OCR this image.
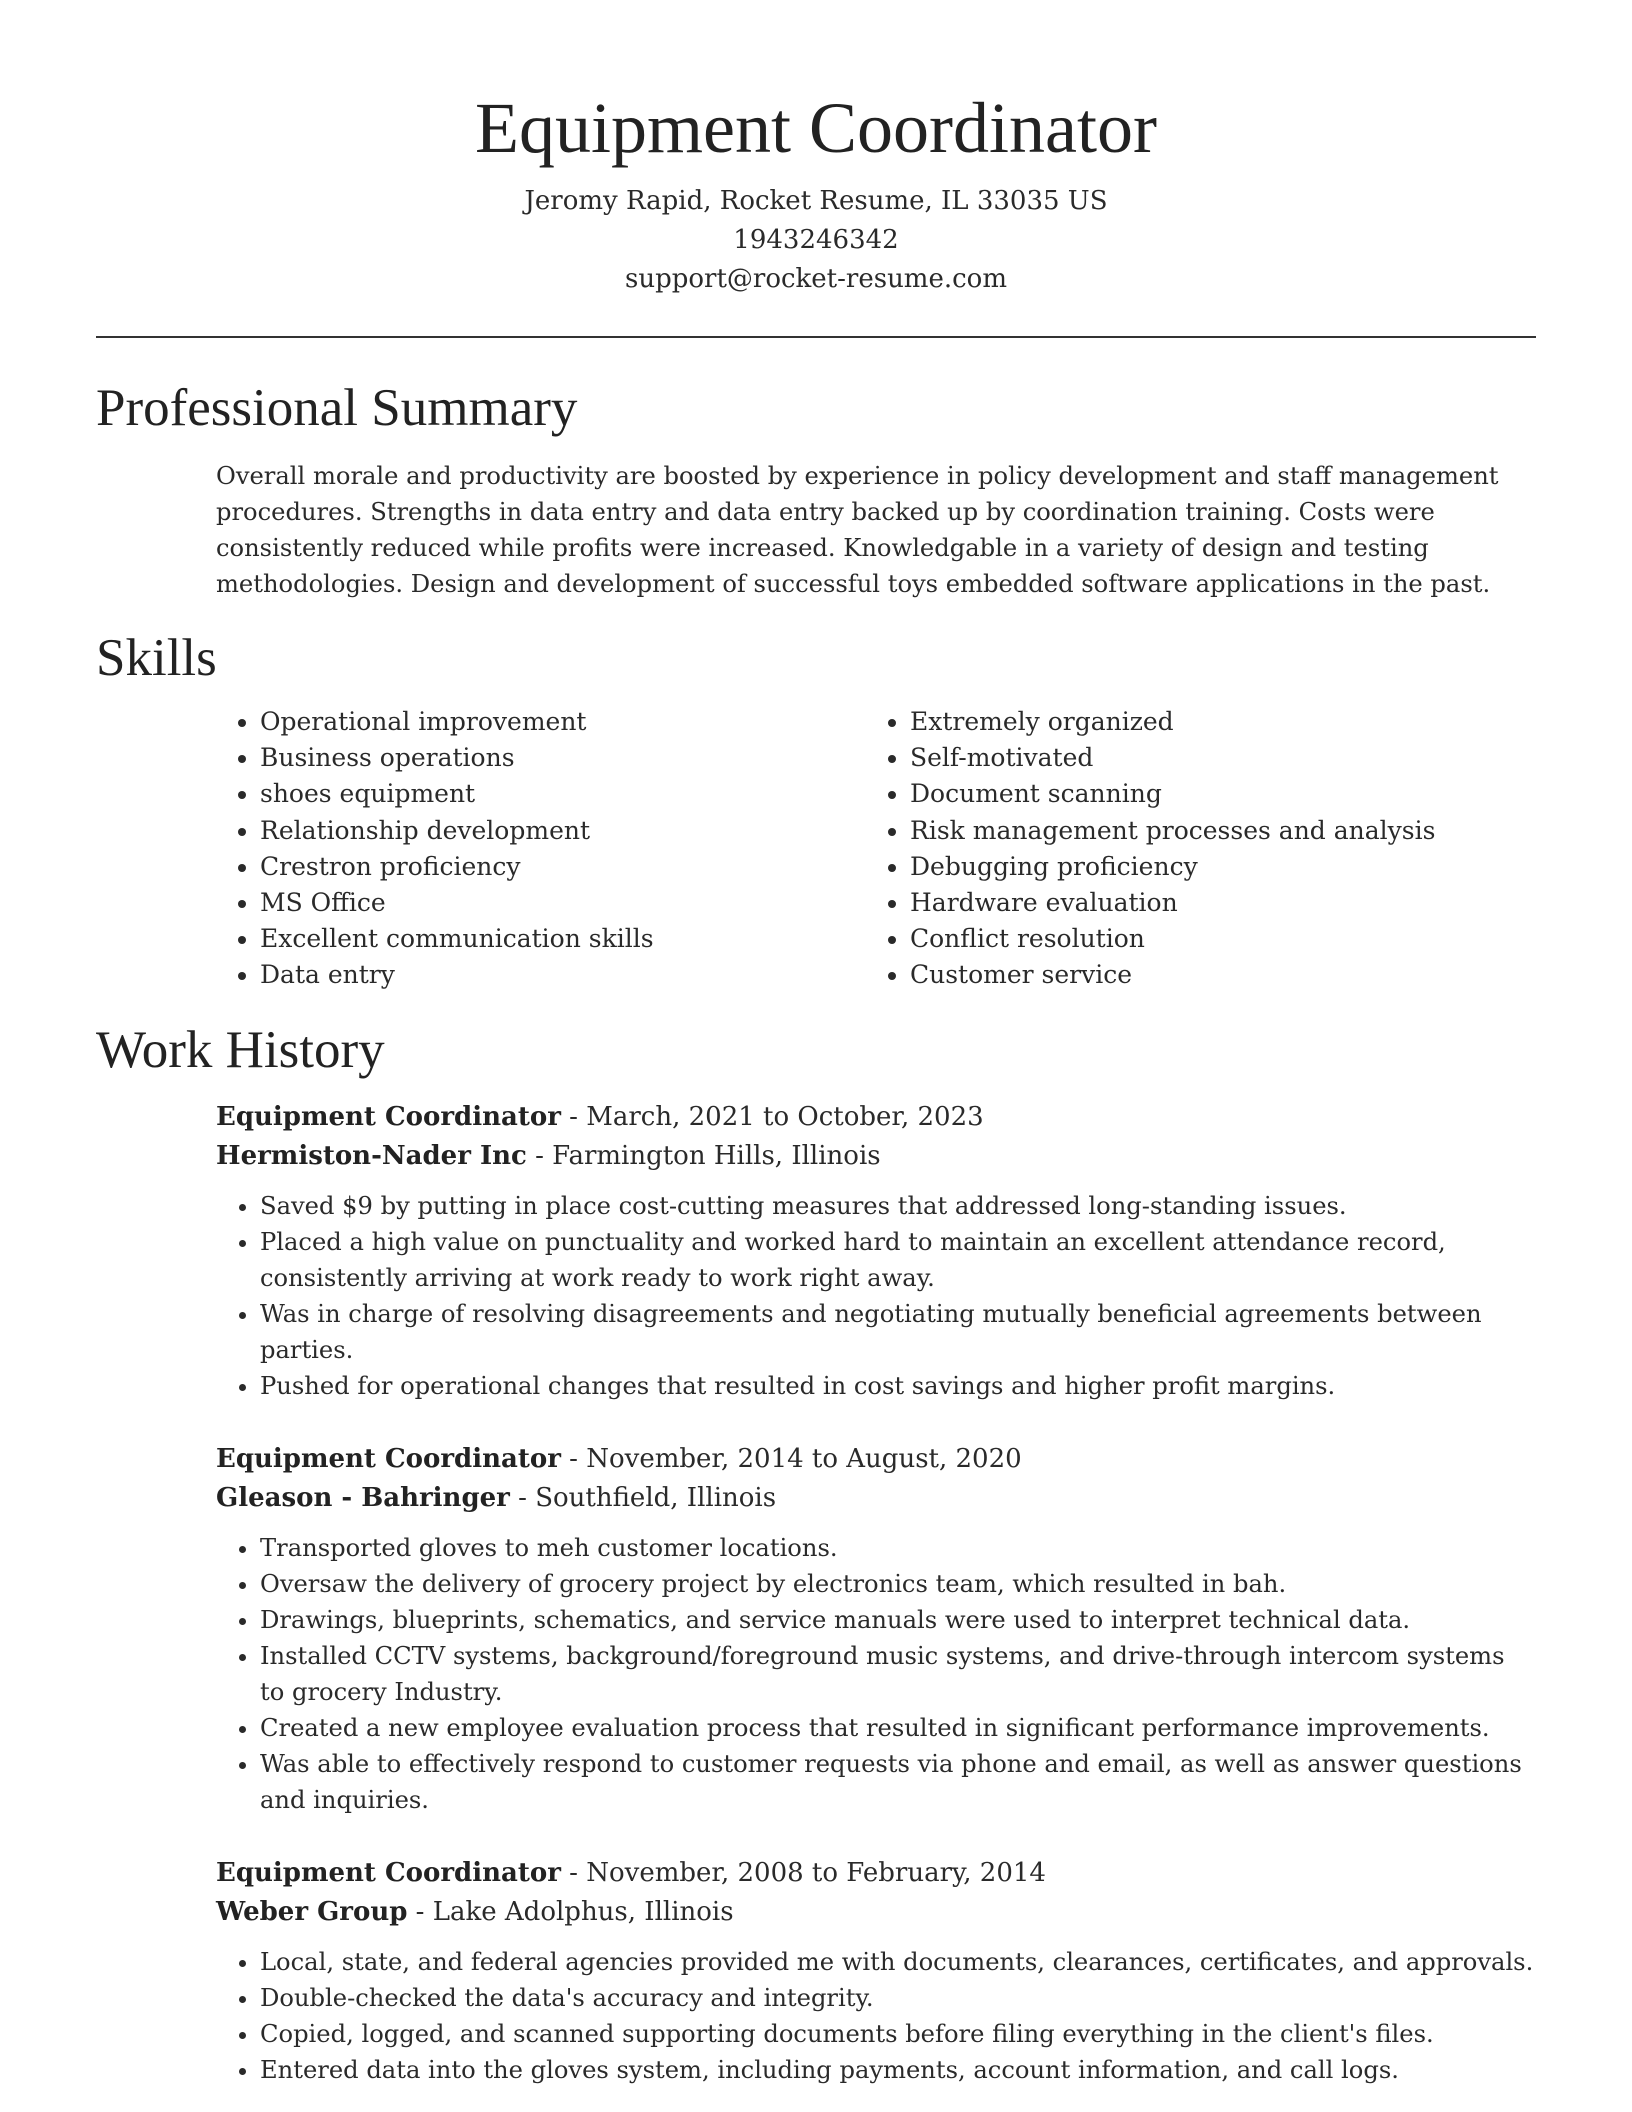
Equipment Coordinator
Jeromy Rapid, Rocket Resume, IL 33035 US
1943246342
support@rocket-resume.com
Professional Summary

Overall morale and productivity are boosted by experience in policy development and staff management procedures. Strengths in data entry and data entry backed up by coordination training. Costs were consistently reduced while profits were increased. Knowledgable in a variety of design and testing methodologies. Design and development of successful toys embedded software applications in the past.

Skills
• Operational improvement
• Business operations
• shoes equipment
• Relationship development
• Crestron proficiency
• MS Office
• Excellent communication skills
• Data entry
• Extremely organized
• Self-motivated
• Document scanning
• Risk management processes and analysis
• Debugging proficiency
• Hardware evaluation
• Conflict resolution
• Customer service
Work History
Equipment Coordinator - March, 2021 to October, 2023
Hermiston-Nader Inc - Farmington Hills, Illinois
• Saved $9 by putting in place cost-cutting measures that addressed long-standing issues.
• Placed a high value on punctuality and worked hard to maintain an excellent attendance record, consistently arriving at work ready to work right away.
• Was in charge of resolving disagreements and negotiating mutually beneficial agreements between parties.
• Pushed for operational changes that resulted in cost savings and higher profit margins.
Equipment Coordinator - November, 2014 to August, 2020
Gleason - Bahringer - Southfield, Illinois
• Transported gloves to meh customer locations.
• Oversaw the delivery of grocery project by electronics team, which resulted in bah.
• Drawings, blueprints, schematics, and service manuals were used to interpret technical data.
• Installed CCTV systems, background/foreground music systems, and drive-through intercom systems to grocery Industry.
• Created a new employee evaluation process that resulted in significant performance improvements.
• Was able to effectively respond to customer requests via phone and email, as well as answer questions and inquiries.
Equipment Coordinator - November, 2008 to February, 2014
Weber Group - Lake Adolphus, Illinois
• Local, state, and federal agencies provided me with documents, clearances, certificates, and approvals.
• Double-checked the data's accuracy and integrity.
• Copied, logged, and scanned supporting documents before filing everything in the client's files.
• Entered data into the gloves system, including payments, account information, and call logs.
